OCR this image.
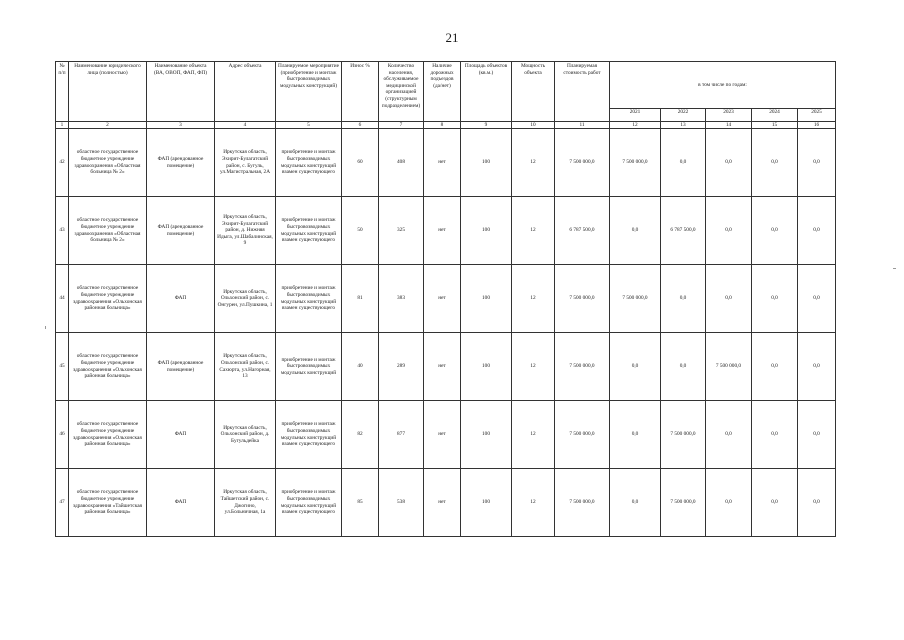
21
№ п/п	Наименование юридического лица (полностью)	Наименование объекта (ВА, ОВОП, ФАП, ФП)	Адрес объекта	Планируемое мероприятие (приобретение и монтаж быстровозводимых модульных конструкций)	Износ %	Количество населения, обслуживаемое медицинской организацией (структурным подразделением)	Наличие дорожных подъездов (да/нет)	Площадь объектов (кв.м.)	Мощность объекта	Планируемая стоимость работ	в том числе по годам:				
											2021	2022	2023	2024	2025
1	2	3	4	5	6	7	8	9	10	11	12	13	14	15	16
42	областное государственное бюджетное учреждение здравоохранения «Областная больница № 2»	ФАП (арендованное помещение)	Иркутская область, Эхирит-Булагатский район, с. Бугуль, ул.Магистральная, 2А	приобретение и монтаж быстровозводимых модульных конструкций взамен существующего	60	408	нет	100	12	7 500 000,0	7 500 000,0	0,0	0,0	0,0	0,0
43	областное государственное бюджетное учреждение здравоохранения «Областная больница № 2»	ФАП (арендованное помещение)	Иркутская область, Эхирит-Булагатский район, д. Нижняя Идыга, ул.Шабалинская, 9	приобретение и монтаж быстровозводимых модульных конструкций взамен существующего	50	325	нет	100	12	6 787 500,0	0,0	6 787 500,0	0,0	0,0	0,0
44	областное государственное бюджетное учреждение здравоохранения «Ольхонская районная больница»	ФАП	Иркутская область, Ольхонский район, с. Онгурен, ул.Пушкина, 1	приобретение и монтаж быстровозводимых модульных конструкций взамен существующего	81	383	нет	100	12	7 500 000,0	7 500 000,0	0,0	0,0	0,0	0,0
45	областное государственное бюджетное учреждение здравоохранения «Ольхонская районная больница»	ФАП (арендованное помещение)	Иркутская область, Ольхонский район, с. Сахюрта, ул.Нагорная, 13	приобретение и монтаж быстровозводимых модульных конструкций	40	289	нет	100	12	7 500 000,0	0,0	0,0	7 500 000,0	0,0	0,0
46	областное государственное бюджетное учреждение здравоохранения «Ольхонская районная больница»	ФАП	Иркутская область, Ольхонский район, д. Бугульдейка	приобретение и монтаж быстровозводимых модульных конструкций взамен существующего	82	877	нет	100	12	7 500 000,0	0,0	7 500 000,0	0,0	0,0	0,0
47	областное государственное бюджетное учреждение здравоохранения «Тайшетская районная больница»	ФАП	Иркутская область, Тайшетский район, с. Джогино, ул.Больничная, 1а	приобретение и монтаж быстровозводимых модульных конструкций взамен существующего	85	538	нет	100	12	7 500 000,0	0,0	7 500 000,0	0,0	0,0	0,0
